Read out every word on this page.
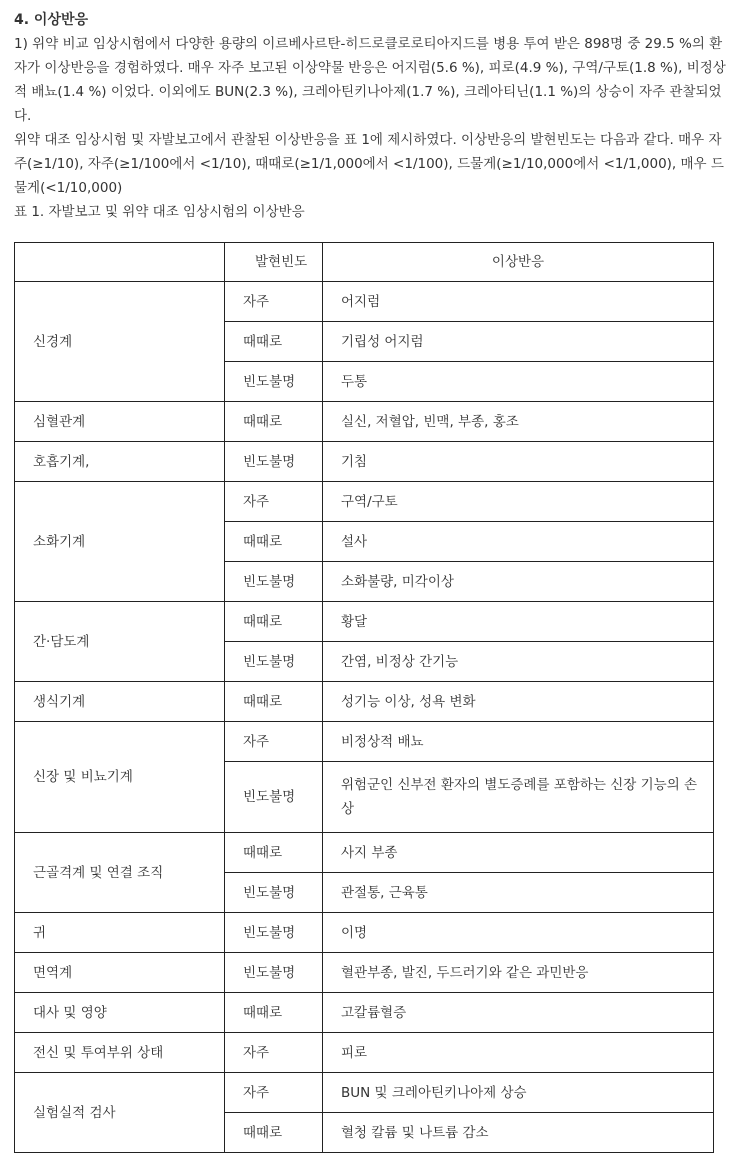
4. 이상반응

1) 위약 비교 임상시험에서 다양한 용량의 이르베사르탄-히드로클로로티아지드를 병용 투여 받은 898명 중 29.5 %의 환자가 이상반응을 경험하였다. 매우 자주 보고된 이상약물 반응은 어지럼(5.6 %), 피로(4.9 %), 구역/구토(1.8 %), 비정상적 배뇨(1.4 %) 이었다. 이외에도 BUN(2.3 %), 크레아틴키나아제(1.7 %), 크레아티닌(1.1 %)의 상승이 자주 관찰되었다.

위약 대조 임상시험 및 자발보고에서 관찰된 이상반응을 표 1에 제시하였다. 이상반응의 발현빈도는 다음과 같다. 매우 자주(≥1/10), 자주(≥1/100에서 <1/10), 때때로(≥1/1,000에서 <1/100), 드물게(≥1/10,000에서 <1/1,000), 매우 드물게(<1/10,000)

표 1. 자발보고 및 위약 대조 임상시험의 이상반응

	발현빈도	이상반응
신경계	자주	어지럼
	때때로	기립성 어지럼
	빈도불명	두통
심혈관계	때때로	실신, 저혈압, 빈맥, 부종, 홍조
호흡기계,	빈도불명	기침
소화기계	자주	구역/구토
	때때로	설사
	빈도불명	소화불량, 미각이상
간·담도계	때때로	황달
	빈도불명	간염, 비정상 간기능
생식기계	때때로	성기능 이상, 성욕 변화
신장 및 비뇨기계	자주	비정상적 배뇨
	빈도불명	위험군인 신부전 환자의 별도증례를 포함하는 신장 기능의 손상
근골격계 및 연결 조직	때때로	사지 부종
	빈도불명	관절통, 근육통
귀	빈도불명	이명
면역계	빈도불명	혈관부종, 발진, 두드러기와 같은 과민반응
대사 및 영양	때때로	고칼륨혈증
전신 및 투여부위 상태	자주	피로
실험실적 검사	자주	BUN 및 크레아틴키나아제 상승
	때때로	혈청 칼륨 및 나트륨 감소
